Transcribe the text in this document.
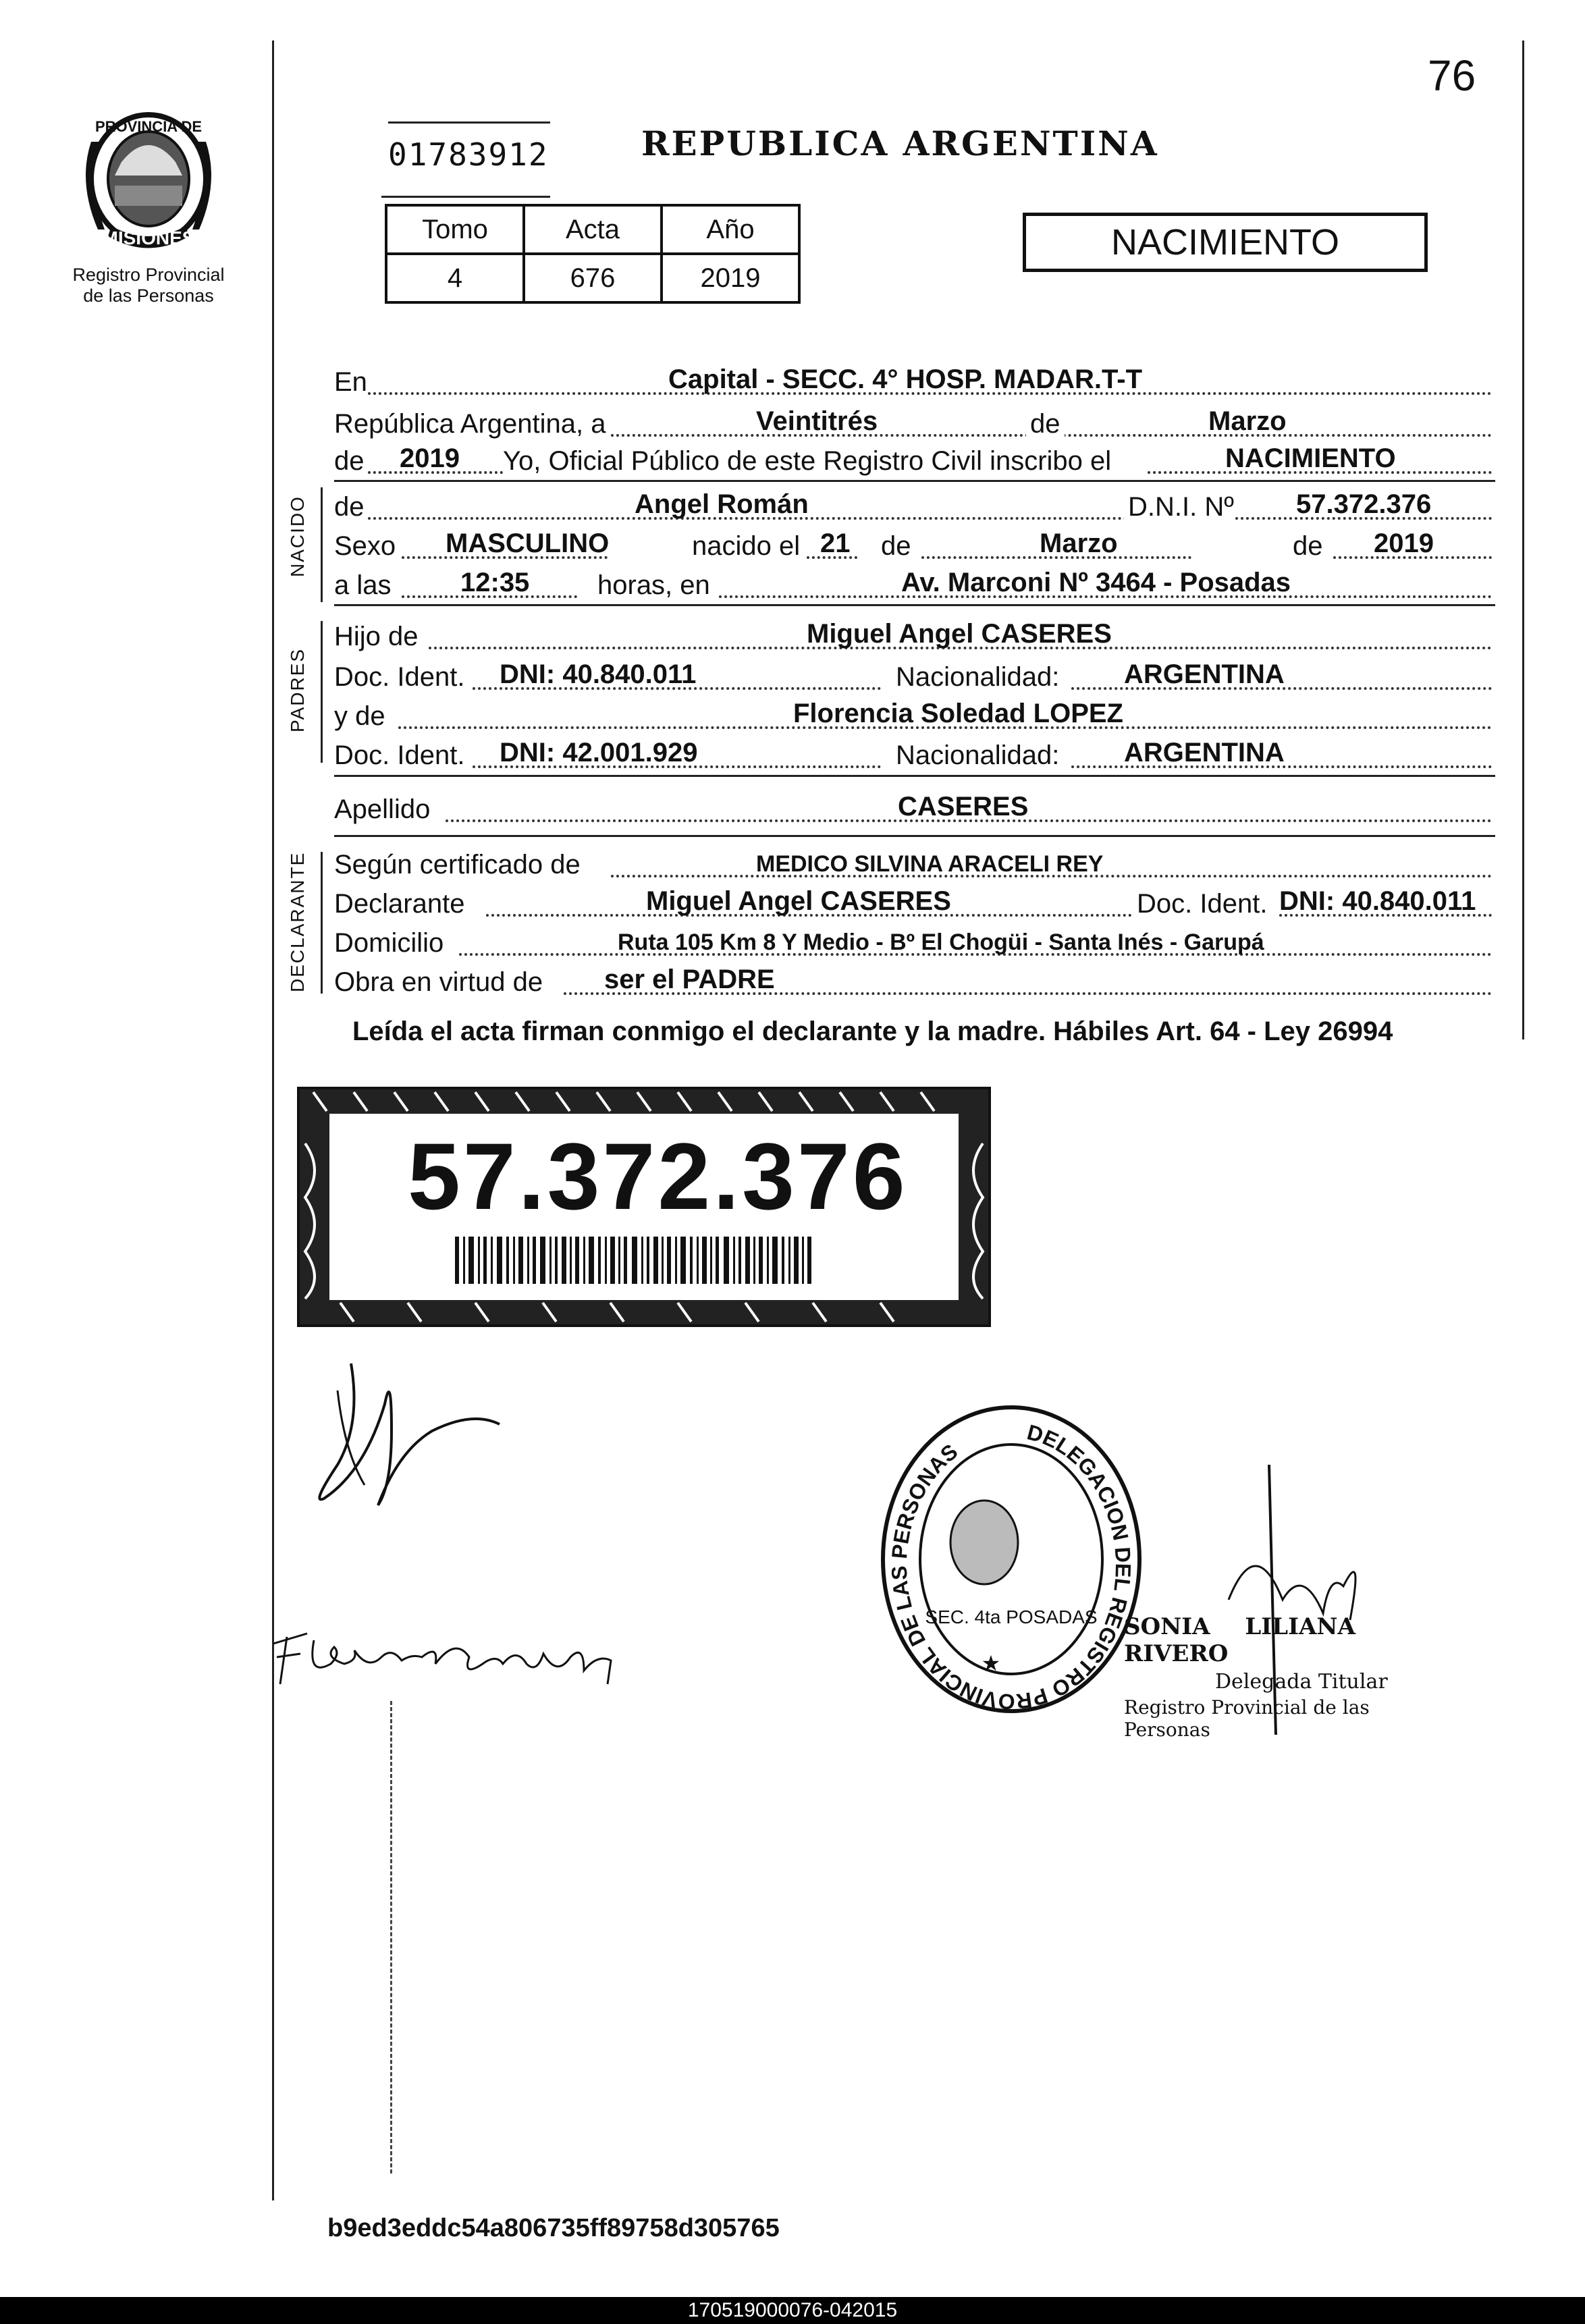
76
PROVINCIA DE
MISIONES
Registro Provincial
de las Personas
01783912	REPUBLICA ARGENTINA
Tomo	Acta	Año
4	676	2019
NACIMIENTO
En	Capital - SECC. 4° HOSP. MADAR.T-T
República Argentina, a	Veintitrés	de	Marzo
de 2019 Yo, Oficial Público de este Registro Civil inscribo el	NACIMIENTO
NACIDO de	Angel Román	D.N.I. Nº 57.372.376
Sexo MASCULINO	nacido el 21 de	Marzo	de 2019
a las	12:35	horas, en	Av. Marconi Nº 3464 - Posadas
PADRES
Hijo de	Miguel Angel CASERES
Doc. Ident. DNI: 40.840.011	Nacionalidad: ARGENTINA
y de	Florencia Soledad LOPEZ
Doc. Ident. DNI: 42.001.929	Nacionalidad: ARGENTINA
Apellido	CASERES
DECLARANTE Según certificado de	MEDICO SILVINA ARACELI REY
Declarante	Miguel Angel CASERES	Doc. Ident. DNI: 40.840.011
Domicilio	Ruta 105 Km 8 Y Medio - Bº El Chogüi - Santa Inés - Garupá
Obra en virtud de ser el PADRE
Leída el acta firman conmigo el declarante y la madre. Hábiles Art. 64 - Ley 26994
57.372.376
DELEGACION DEL REGISTRO PROVINCIAL DE LAS PERSONAS
SEC. 4ta POSADAS
★
SONIA LILIANA RIVERO
Delegada Titular
Registro Provincial de las Personas
b9ed3eddc54a806735ff89758d305765
170519000076-042015
